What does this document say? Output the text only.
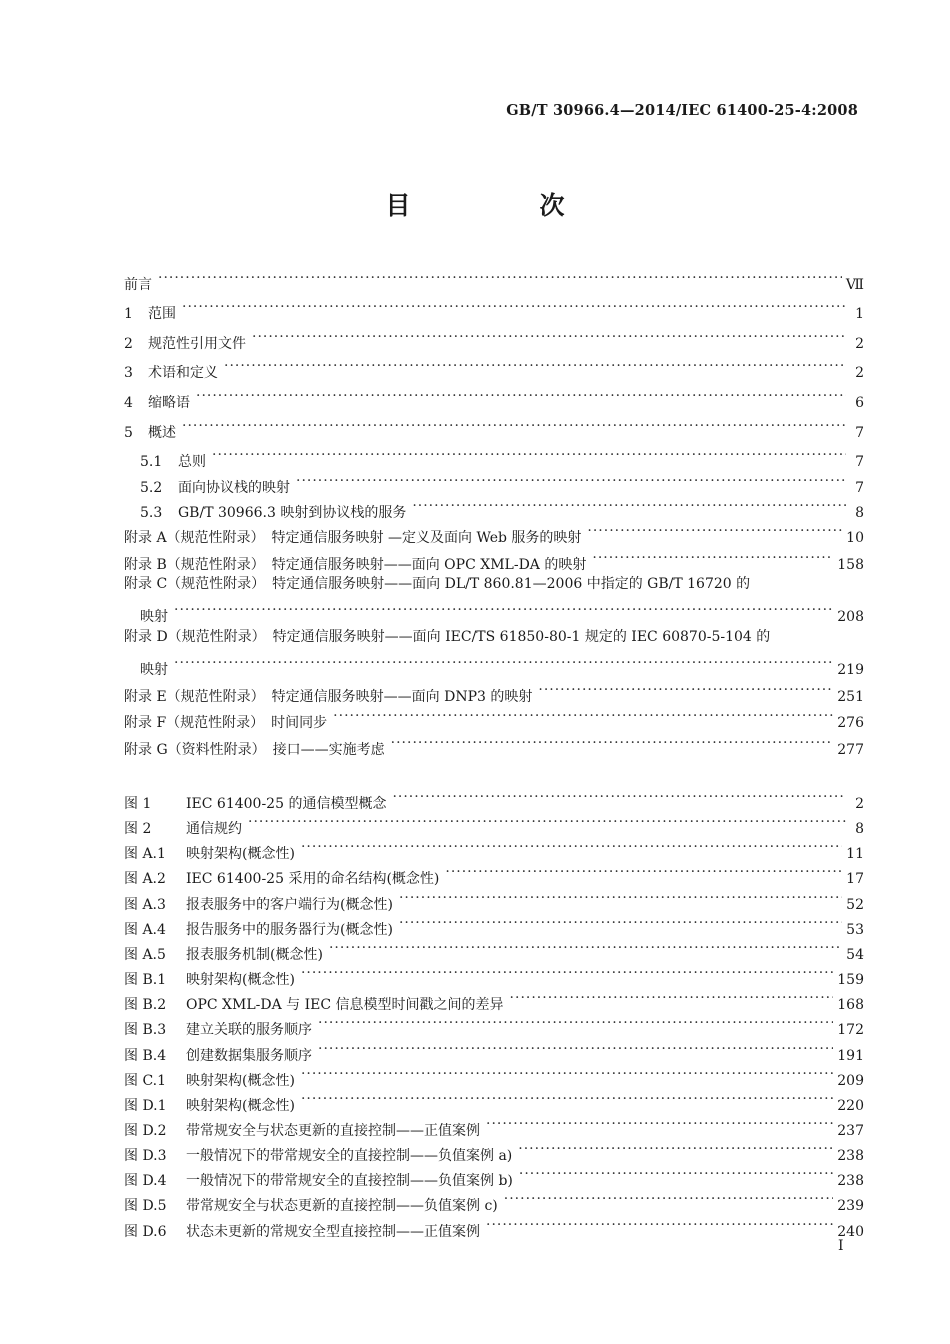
GB/T 30966.4—2014/IEC 61400-25-4:2008
目　次
前言 ·····	Ⅶ
1	范围 ·····	1
2	规范性引用文件 ·····	2
3	术语和定义 ·····	2
4	缩略语 ·····	6
5	概述 ·····	7
5.1	总则 ·····	7
5.2	面向协议栈的映射 ·····	7
5.3	GB/T 30966.3 映射到协议栈的服务 ·····	8
附录 A（规范性附录）　特定通信服务映射 —定义及面向 Web 服务的映射 ·····	10
附录 B（规范性附录）　特定通信服务映射——面向 OPC XML-DA 的映射 ·····	158
附录 C（规范性附录）　特定通信服务映射——面向 DL/T 860.81—2006 中指定的 GB/T 16720 的
映射 ·····	208
附录 D（规范性附录）　特定通信服务映射——面向 IEC/TS 61850-80-1 规定的 IEC 60870-5-104 的
映射 ·····	219
附录 E（规范性附录）　特定通信服务映射——面向 DNP3 的映射 ·····	251
附录 F（规范性附录）　时间同步 ·····	276
附录 G（资料性附录）　接口——实施考虑 ·····	277
图 1	IEC 61400-25 的通信模型概念 ·····	2
图 2	通信规约 ·····	8
图 A.1	映射架构(概念性) ·····	11
图 A.2	IEC 61400-25 采用的命名结构(概念性) ·····	17
图 A.3	报表服务中的客户端行为(概念性) ·····	52
图 A.4	报告服务中的服务器行为(概念性) ·····	53
图 A.5	报表服务机制(概念性) ·····	54
图 B.1	映射架构(概念性) ·····	159
图 B.2	OPC XML-DA 与 IEC 信息模型时间戳之间的差异 ·····	168
图 B.3	建立关联的服务顺序 ·····	172
图 B.4	创建数据集服务顺序 ·····	191
图 C.1	映射架构(概念性) ·····	209
图 D.1	映射架构(概念性) ·····	220
图 D.2	带常规安全与状态更新的直接控制——正值案例 ·····	237
图 D.3	一般情况下的带常规安全的直接控制——负值案例 a) ·····	238
图 D.4	一般情况下的带常规安全的直接控制——负值案例 b) ·····	238
图 D.5	带常规安全与状态更新的直接控制——负值案例 c) ·····	239
图 D.6	状态未更新的常规安全型直接控制——正值案例 ·····	240
Ⅰ
